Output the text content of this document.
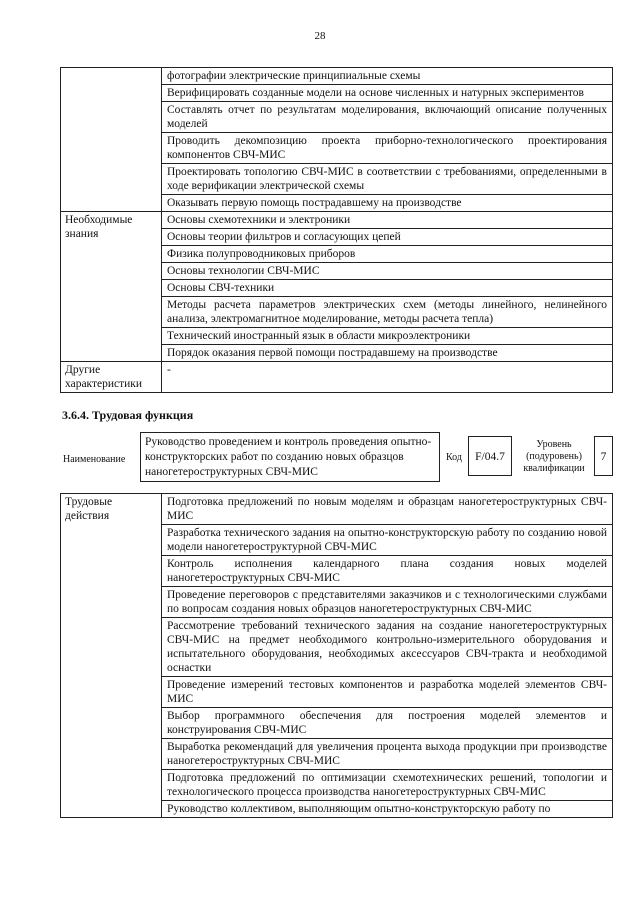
28
	фотографии электрические принципиальные схемы
	Верифицировать созданные модели на основе численных и натурных экспериментов
	Составлять отчет по результатам моделирования, включающий описание полученных моделей
	Проводить декомпозицию проекта приборно-технологического проектирования компонентов СВЧ-МИС
	Проектировать топологию СВЧ-МИС в соответствии с требованиями, определенными в ходе верификации электрической схемы
	Оказывать первую помощь пострадавшему на производстве
Необходимые знания	Основы схемотехники и электроники
	Основы теории фильтров и согласующих цепей
	Физика полупроводниковых приборов
	Основы технологии СВЧ-МИС
	Основы СВЧ-техники
	Методы расчета параметров электрических схем (методы линейного, нелинейного анализа, электромагнитное моделирование, методы расчета тепла)
	Технический иностранный язык в области микроэлектроники
	Порядок оказания первой помощи пострадавшему на производстве
Другие характеристики	-
3.6.4. Трудовая функция
Наименование
Руководство проведением и контроль проведения опытно-конструкторских работ по созданию новых образцов наногетероструктурных СВЧ-МИС
Код	F/04.7
Уровень (подуровень) квалификации
7
Трудовые действия	Подготовка предложений по новым моделям и образцам наногетероструктурных СВЧ-МИС
Разработка технического задания на опытно-конструкторскую работу по созданию новой модели наногетероструктурной СВЧ-МИС
Контроль исполнения календарного плана создания новых моделей наногетероструктурных СВЧ-МИС
Проведение переговоров с представителями заказчиков и с технологическими службами по вопросам создания новых образцов наногетероструктурных СВЧ-МИС
Рассмотрение требований технического задания на создание наногетероструктурных СВЧ-МИС на предмет необходимого контрольно-измерительного оборудования и испытательного оборудования, необходимых аксессуаров СВЧ-тракта и необходимой оснастки
Проведение измерений тестовых компонентов и разработка моделей элементов СВЧ-МИС
Выбор программного обеспечения для построения моделей элементов и конструирования СВЧ-МИС
Выработка рекомендаций для увеличения процента выхода продукции при производстве наногетероструктурных СВЧ-МИС
Подготовка предложений по оптимизации схемотехнических решений, топологии и технологического процесса производства наногетероструктурных СВЧ-МИС
Руководство коллективом, выполняющим опытно-конструкторскую работу по
